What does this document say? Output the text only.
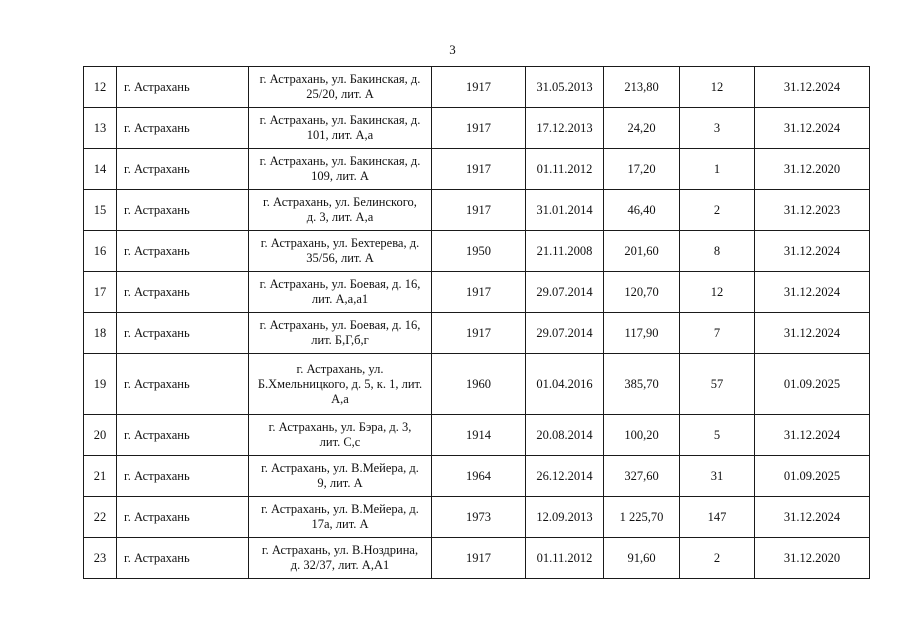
3
12	г. Астрахань	г. Астрахань, ул. Бакинская, д. 25/20, лит. А	1917	31.05.2013	213,80	12	31.12.2024
13	г. Астрахань	г. Астрахань, ул. Бакинская, д. 101, лит. А,а	1917	17.12.2013	24,20	3	31.12.2024
14	г. Астрахань	г. Астрахань, ул. Бакинская, д. 109, лит. А	1917	01.11.2012	17,20	1	31.12.2020
15	г. Астрахань	г. Астрахань, ул. Белинского, д. 3, лит. А,а	1917	31.01.2014	46,40	2	31.12.2023
16	г. Астрахань	г. Астрахань, ул. Бехтерева, д. 35/56, лит. А	1950	21.11.2008	201,60	8	31.12.2024
17	г. Астрахань	г. Астрахань, ул. Боевая, д. 16, лит. А,а,а1	1917	29.07.2014	120,70	12	31.12.2024
18	г. Астрахань	г. Астрахань, ул. Боевая, д. 16, лит. Б,Г,б,г	1917	29.07.2014	117,90	7	31.12.2024
19	г. Астрахань	г. Астрахань, ул. Б.Хмельницкого, д. 5, к. 1, лит. А,а	1960	01.04.2016	385,70	57	01.09.2025
20	г. Астрахань	г. Астрахань, ул. Бэра, д. 3, лит. С,с	1914	20.08.2014	100,20	5	31.12.2024
21	г. Астрахань	г. Астрахань, ул. В.Мейера, д. 9, лит. А	1964	26.12.2014	327,60	31	01.09.2025
22	г. Астрахань	г. Астрахань, ул. В.Мейера, д. 17а, лит. А	1973	12.09.2013	1 225,70	147	31.12.2024
23	г. Астрахань	г. Астрахань, ул. В.Ноздрина, д. 32/37, лит. А,А1	1917	01.11.2012	91,60	2	31.12.2020
